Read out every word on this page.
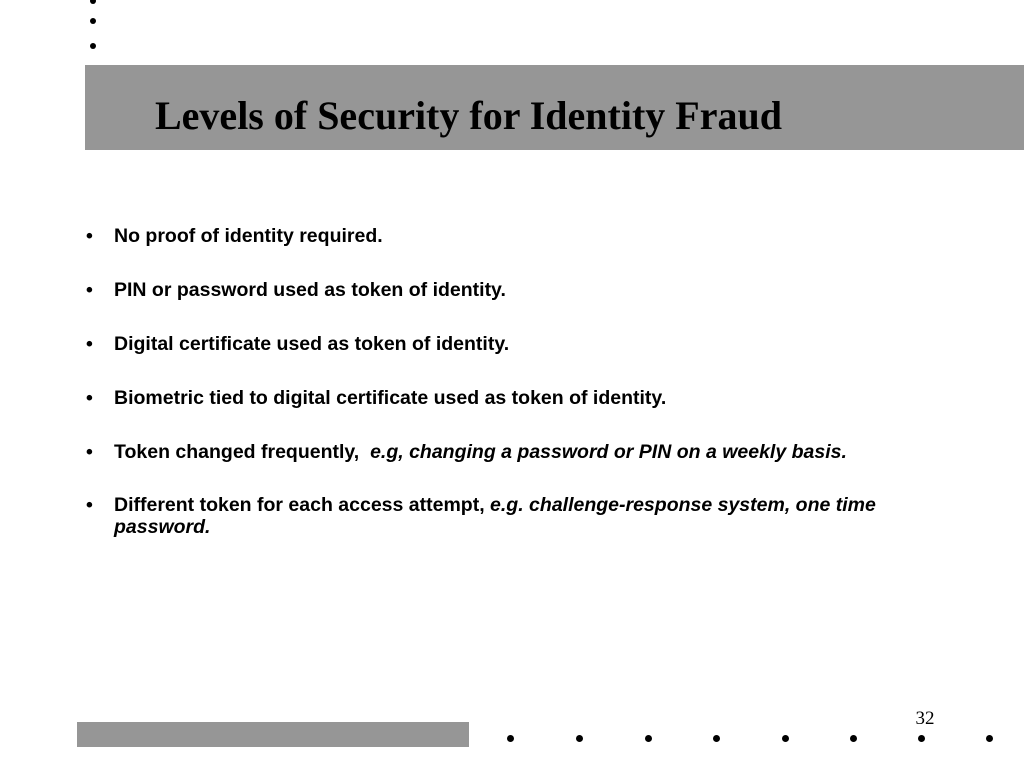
Levels of Security for Identity Fraud
• No proof of identity required.
• PIN or password used as token of identity.
• Digital certificate used as token of identity.
• Biometric tied to digital certificate used as token of identity.
• Token changed frequently,  e.g, changing a password or PIN on a weekly basis.
• Different token for each access attempt, e.g. challenge-response system, one time password.
32
